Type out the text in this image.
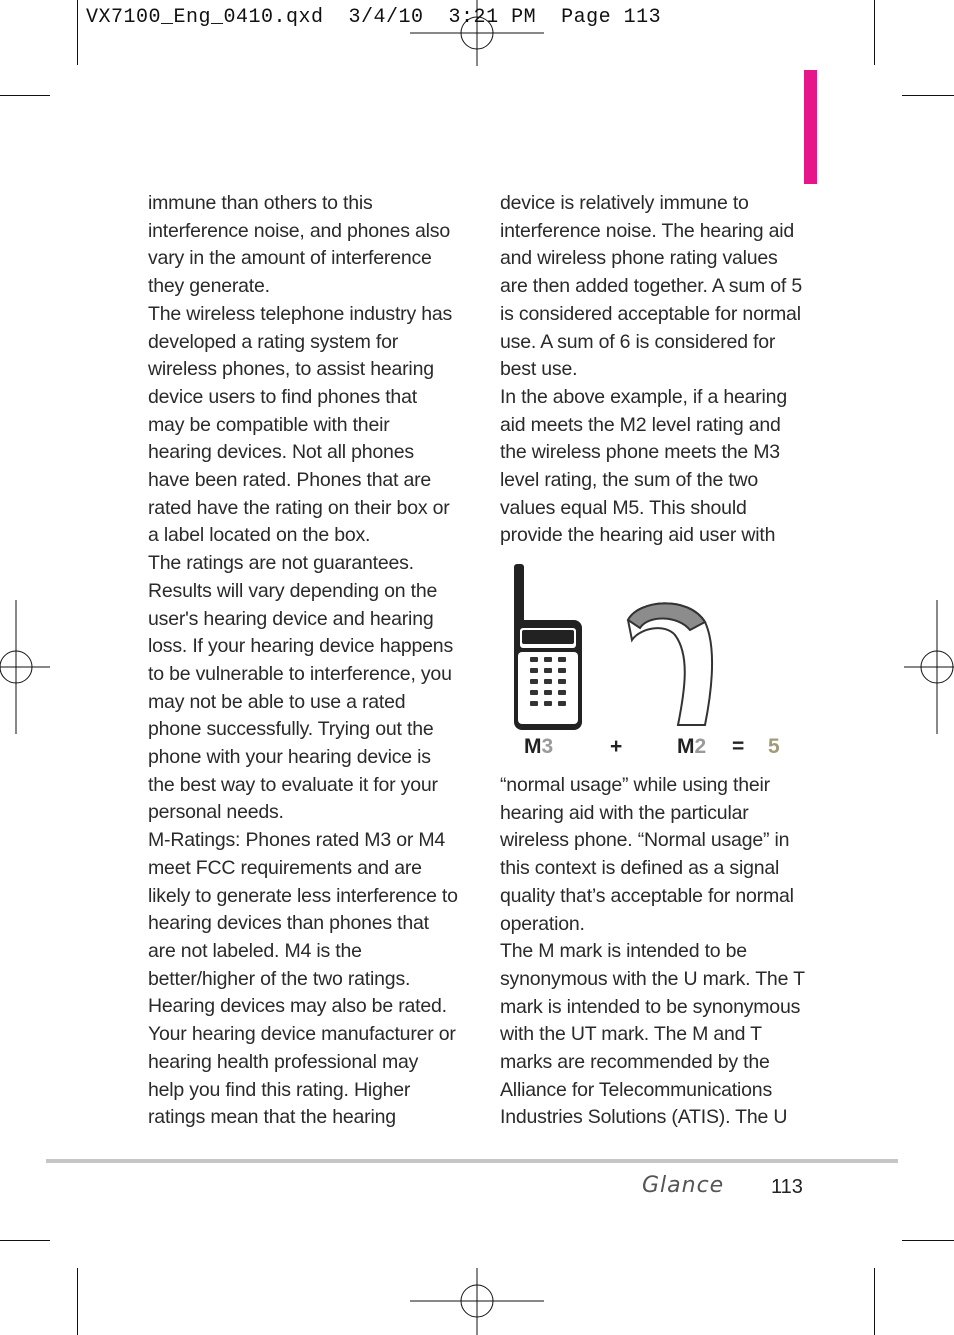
VX7100_Eng_0410.qxd  3/4/10  3:21 PM  Page 113

immune than others to this interference noise, and phones also vary in the amount of interference they generate.

The wireless telephone industry has developed a rating system for wireless phones, to assist hearing device users to find phones that may be compatible with their hearing devices. Not all phones have been rated. Phones that are rated have the rating on their box or a label located on the box.

The ratings are not guarantees. Results will vary depending on the user's hearing device and hearing loss. If your hearing device happens to be vulnerable to interference, you may not be able to use a rated phone successfully. Trying out the phone with your hearing device is the best way to evaluate it for your personal needs.

M-Ratings: Phones rated M3 or M4 meet FCC requirements and are likely to generate less interference to hearing devices than phones that are not labeled. M4 is the better/higher of the two ratings. Hearing devices may also be rated. Your hearing device manufacturer or hearing health professional may help you find this rating. Higher ratings mean that the hearing

device is relatively immune to interference noise. The hearing aid and wireless phone rating values are then added together. A sum of 5 is considered acceptable for normal use. A sum of 6 is considered for best use.

In the above example, if a hearing aid meets the M2 level rating and the wireless phone meets the M3 level rating, the sum of the two values equal M5. This should provide the hearing aid user with

M3	+	M2 = 5

“normal usage” while using their hearing aid with the particular wireless phone. “Normal usage” in this context is defined as a signal quality that’s acceptable for normal operation.

The M mark is intended to be synonymous with the U mark. The T mark is intended to be synonymous with the UT mark. The M and T marks are recommended by the Alliance for Telecommunications Industries Solutions (ATIS). The U

Glance 113
